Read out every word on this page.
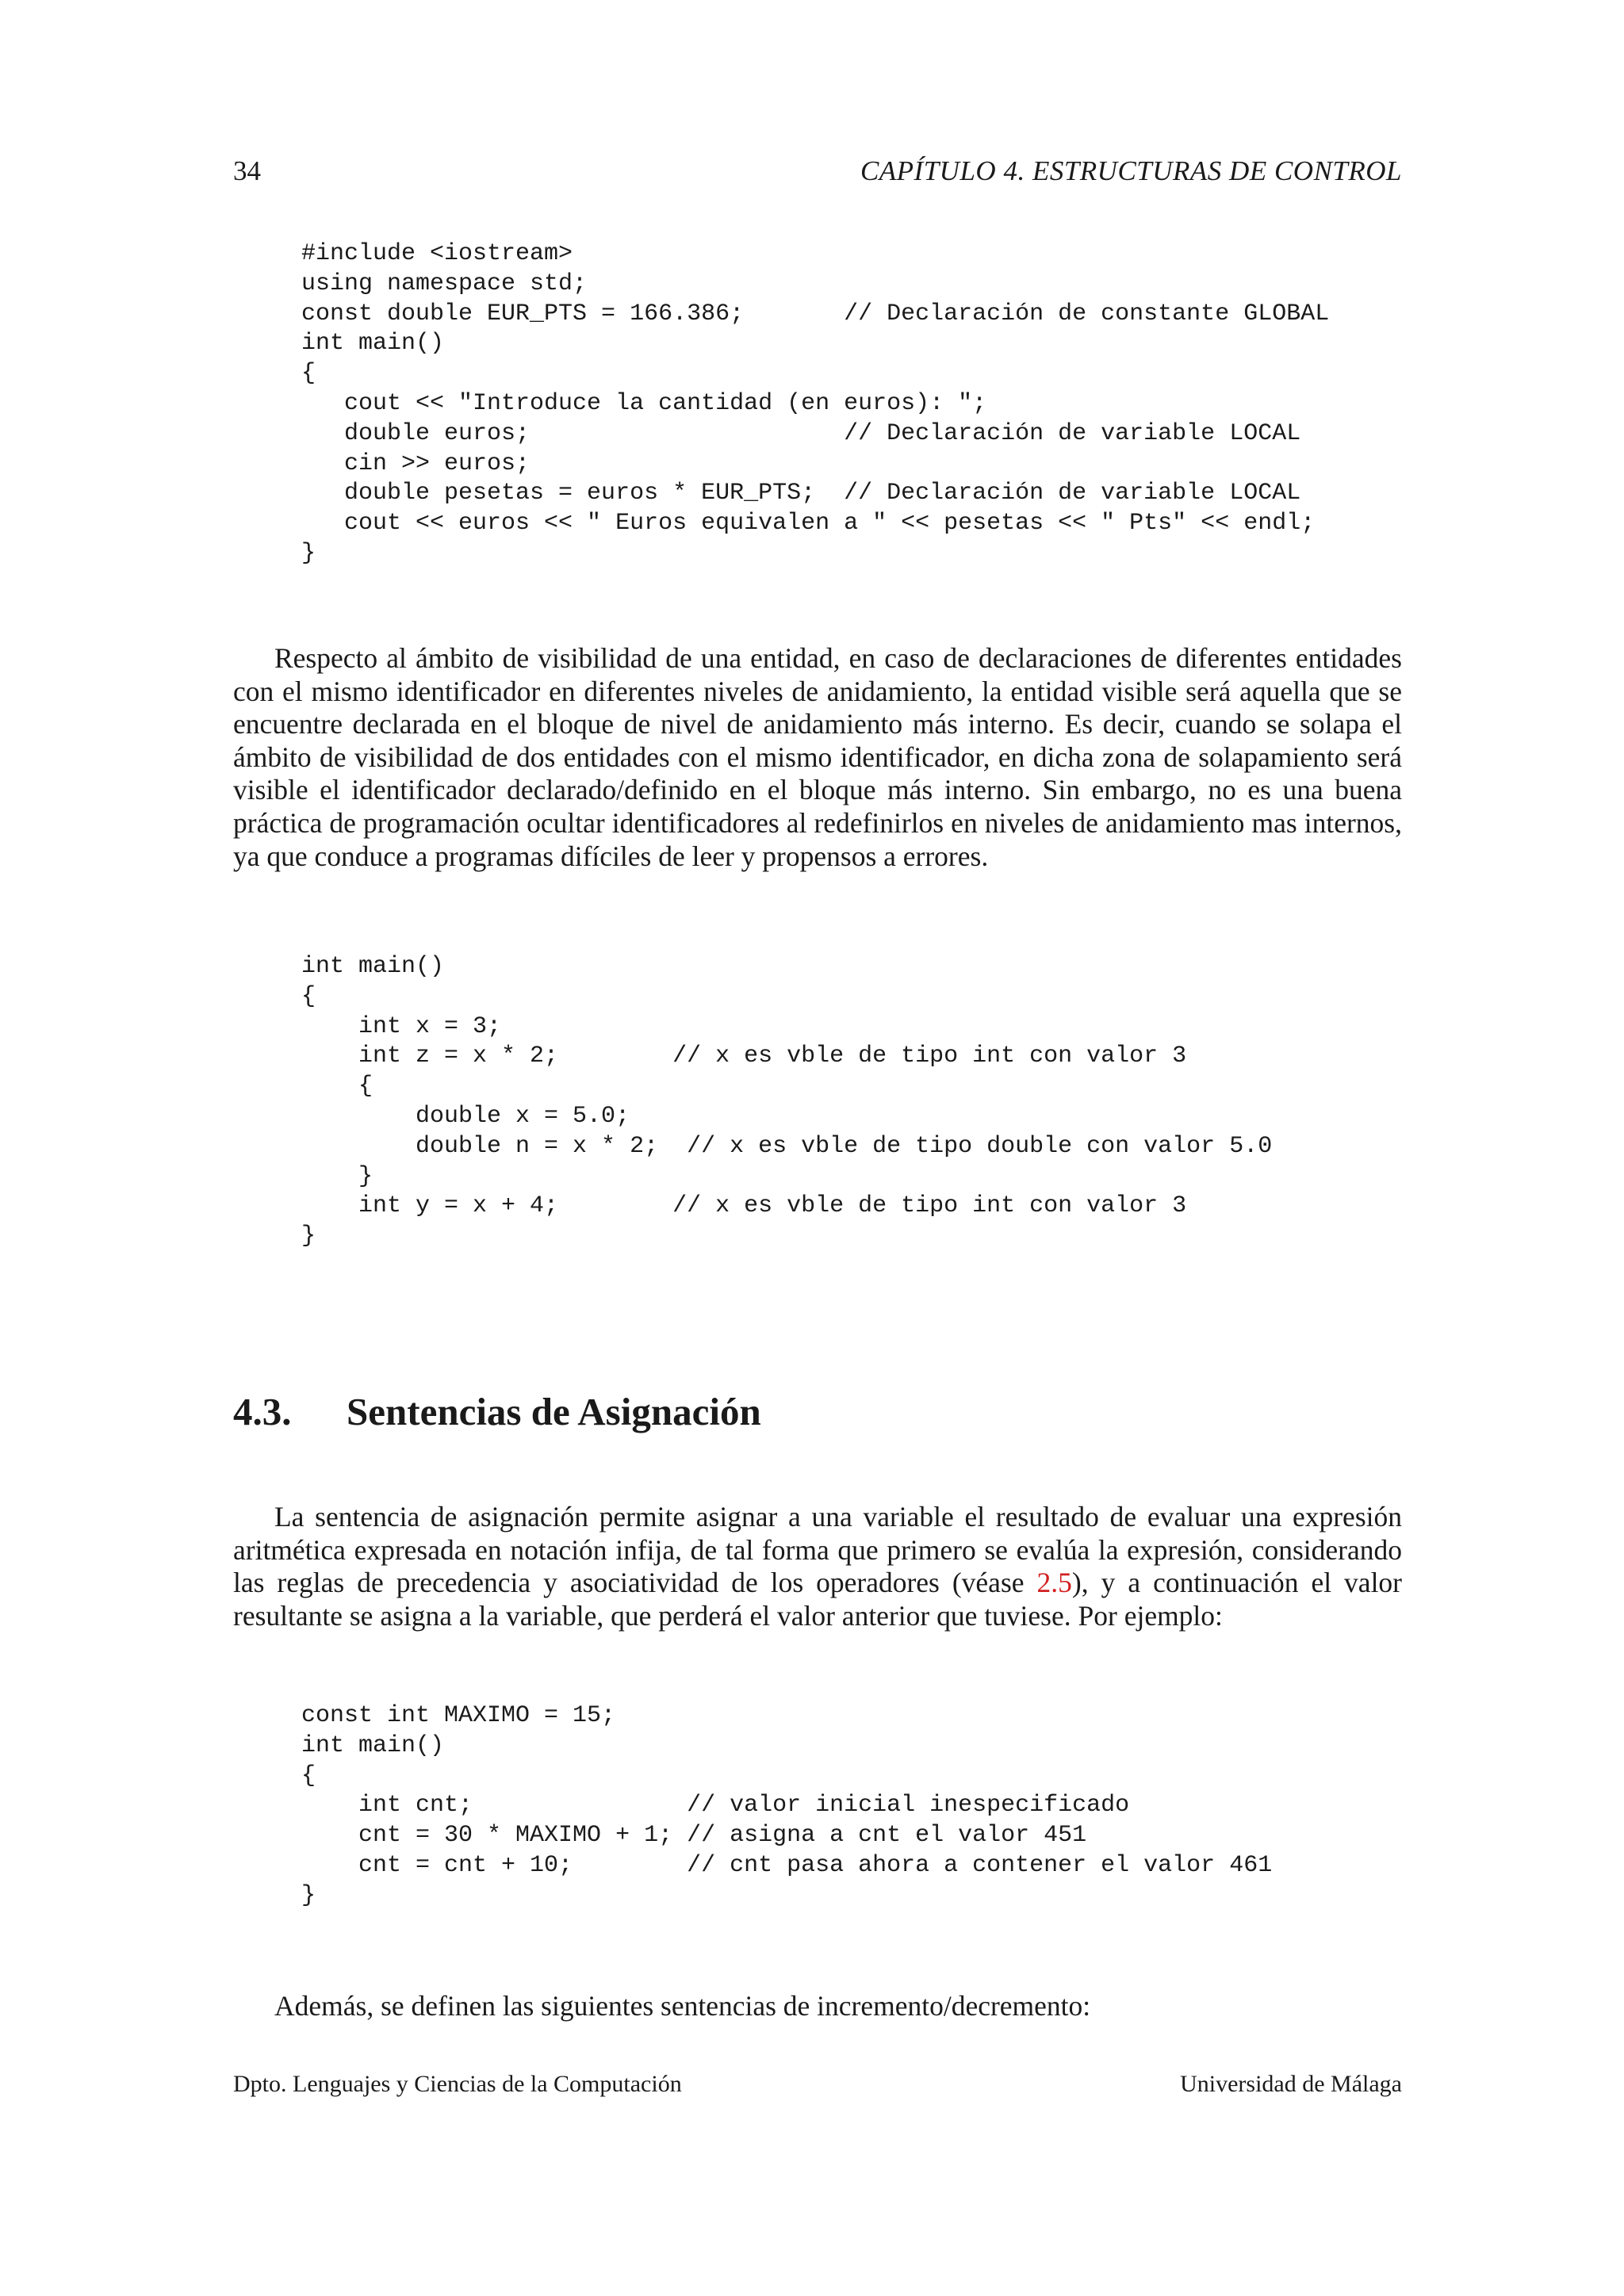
34	CAPÍTULO 4. ESTRUCTURAS DE CONTROL
#include <iostream>
using namespace std;
const double EUR_PTS = 166.386;       // Declaración de constante GLOBAL
int main()
{
cout << "Introduce la cantidad (en euros): ";
double euros;                      // Declaración de variable LOCAL
cin >> euros;
double pesetas = euros * EUR_PTS;  // Declaración de variable LOCAL
cout << euros << " Euros equivalen a " << pesetas << " Pts" << endl;
}

Respecto al ámbito de visibilidad de una entidad, en caso de declaraciones de diferentes entidades con el mismo identificador en diferentes niveles de anidamiento, la entidad visible será aquella que se encuentre declarada en el bloque de nivel de anidamiento más interno. Es decir, cuando se solapa el ámbito de visibilidad de dos entidades con el mismo identificador, en dicha zona de solapamiento será visible el identificador declarado/definido en el bloque más interno. Sin embargo, no es una buena práctica de programación ocultar identificadores al redefinirlos en niveles de anidamiento mas internos, ya que conduce a programas difíciles de leer y propensos a errores.

int main()
{
int x = 3;
int z = x * 2;        // x es vble de tipo int con valor 3
{
double x = 5.0;
double n = x * 2;  // x es vble de tipo double con valor 5.0
}
int y = x + 4;        // x es vble de tipo int con valor 3
}
4.3. Sentencias de Asignación

La sentencia de asignación permite asignar a una variable el resultado de evaluar una expresión aritmética expresada en notación infija, de tal forma que primero se evalúa la expresión, considerando las reglas de precedencia y asociatividad de los operadores (véase 2.5), y a continuación el valor resultante se asigna a la variable, que perderá el valor anterior que tuviese. Por ejemplo:

const int MAXIMO = 15;
int main()
{
int cnt;               // valor inicial inespecificado
cnt = 30 * MAXIMO + 1; // asigna a cnt el valor 451
cnt = cnt + 10;        // cnt pasa ahora a contener el valor 461
}

Además, se definen las siguientes sentencias de incremento/decremento:

Dpto. Lenguajes y Ciencias de la Computación	Universidad de Málaga
